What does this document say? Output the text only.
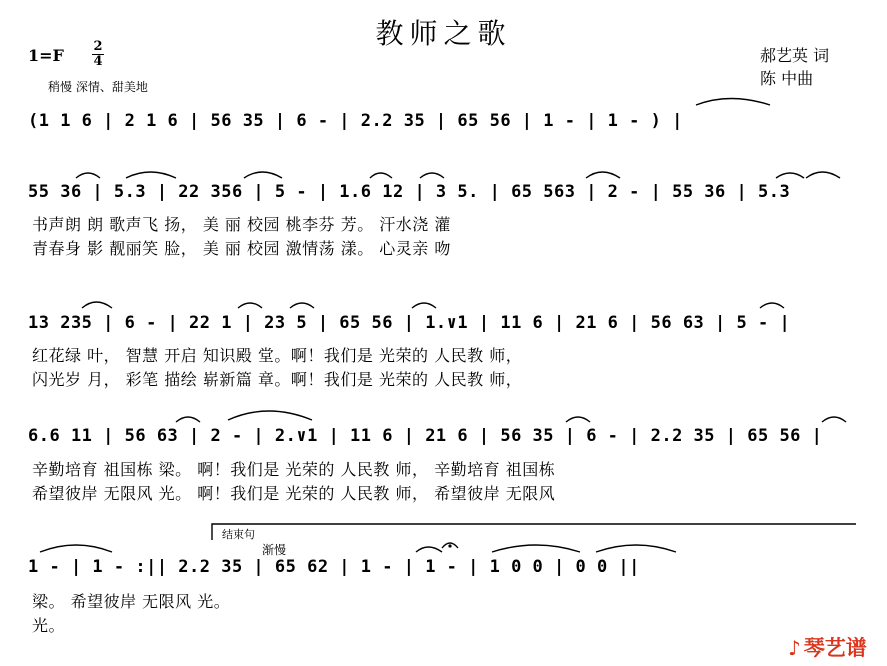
教师之歌
1=F 2
4
稍慢 深情、甜美地
郝艺英 词
陈 中曲
(1 1 6 | 2 1 6 | 56 35 | 6 - | 2.2 35 | 65 56 | 1 - | 1 - ) |
55 36 | 5.3 | 22 356 | 5 - | 1.6 12 | 3 5. | 65 563 | 2 - | 55 36 | 5.3
书声朗 朗 歌声飞 扬， 美 丽 校园 桃李芬 芳。 汗水浇 灌
青春身 影 靓丽笑 脸， 美 丽 校园 激情荡 漾。 心灵亲 吻
13 235 | 6 - | 22 1 | 23 5 | 65 56 | 1.∨1 | 11 6 | 21 6 | 56 63 | 5 - |
红花绿 叶， 智慧 开启 知识殿 堂。啊！我们是 光荣的 人民教 师，
闪光岁 月， 彩笔 描绘 崭新篇 章。啊！我们是 光荣的 人民教 师，
6.6 11 | 56 63 | 2 - | 2.∨1 | 11 6 | 21 6 | 56 35 | 6 - | 2.2 35 | 65 56 |
辛勤培育 祖国栋 梁。 啊！我们是 光荣的 人民教 师， 辛勤培育 祖国栋
希望彼岸 无限风 光。 啊！我们是 光荣的 人民教 师， 希望彼岸 无限风
结束句
渐慢
1 - | 1 - :|| 2.2 35 | 65 62 | 1 - | 1 - | 1 0 0 | 0 0 ||
梁。 希望彼岸 无限风 光。
光。
♪ 琴艺谱
